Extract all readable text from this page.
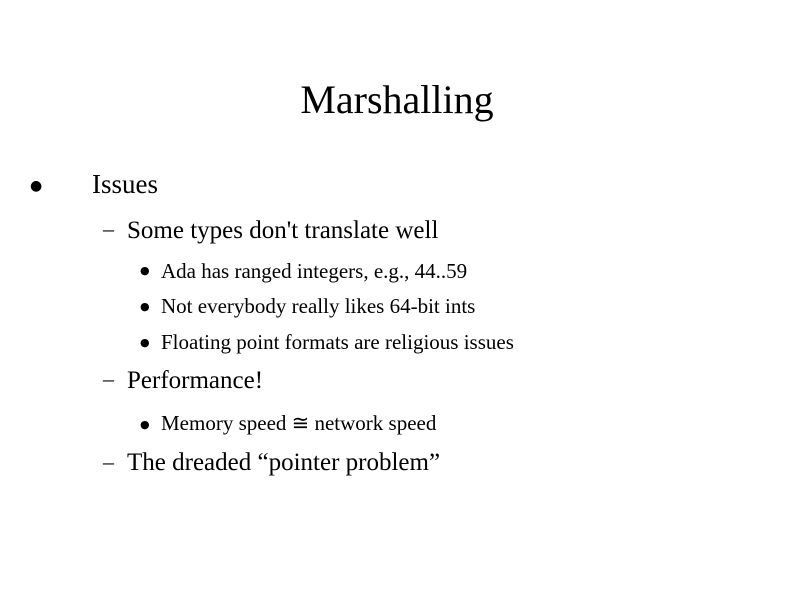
Marshalling
● Issues
– Some types don't translate well
● Ada has ranged integers, e.g., 44..59
● Not everybody really likes 64-bit ints
● Floating point formats are religious issues
– Performance!
● Memory speed ≅ network speed
– The dreaded “pointer problem”
